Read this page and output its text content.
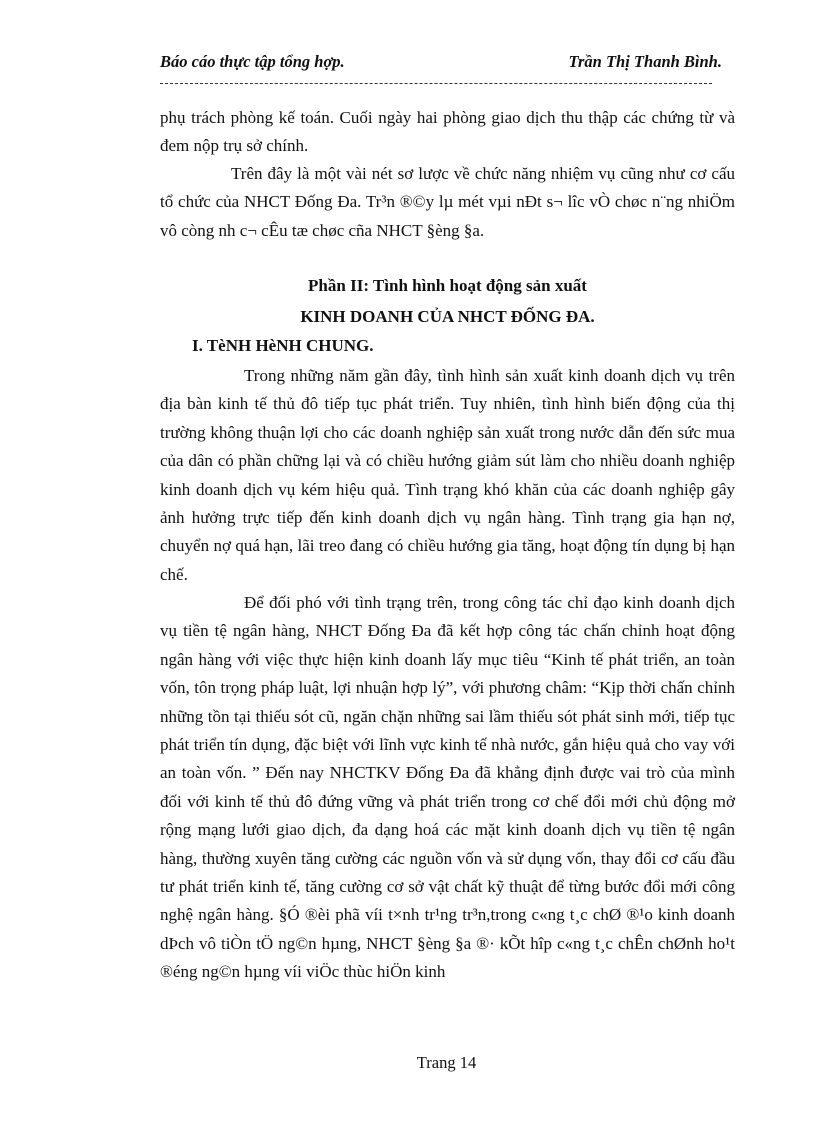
Báo cáo thực tập tổng hợp.	Trần Thị Thanh Bình.
phụ trách phòng kế toán. Cuối ngày hai phòng giao dịch thu thập các chứng từ và đem nộp trụ sở chính.
Trên đây là một vài nét sơ lược về chức năng nhiệm vụ cũng như cơ cấu tổ chức của NHCT Đống Đa. Tr³n ®©y lµ mét vµi nÐt s¬ lîc vÒ chøc n¨ng nhiÖm vô còng nh c¬ cÊu tæ chøc cña NHCT §èng §a.
Phần II: Tình hình hoạt động sản xuất
KINH DOANH CỦA NHCT ĐỐNG ĐA.
I. TèNH HèNH CHUNG.
Trong những năm gần đây, tình hình sản xuất kinh doanh dịch vụ trên địa bàn kinh tế thủ đô tiếp tục phát triển. Tuy nhiên, tình hình biến động của thị trường không thuận lợi cho các doanh nghiệp sản xuất trong nước dẫn đến sức mua của dân có phần chững lại và có chiều hướng giảm sút làm cho nhiều doanh nghiệp kinh doanh dịch vụ kém hiệu quả. Tình trạng khó khăn của các doanh nghiệp gây ảnh hưởng trực tiếp đến kinh doanh dịch vụ ngân hàng. Tình trạng gia hạn nợ, chuyển nợ quá hạn, lãi treo đang có chiều hướng gia tăng, hoạt động tín dụng bị hạn chế.
Để đối phó với tình trạng trên, trong công tác chỉ đạo kinh doanh dịch vụ tiền tệ ngân hàng, NHCT Đống Đa đã kết hợp công tác chấn chỉnh hoạt động ngân hàng với việc thực hiện kinh doanh lấy mục tiêu “Kinh tế phát triển, an toàn vốn, tôn trọng pháp luật, lợi nhuận hợp lý”, với phương châm: “Kịp thời chấn chỉnh những tồn tại thiếu sót cũ, ngăn chặn những sai lầm thiếu sót phát sinh mới, tiếp tục phát triển tín dụng, đặc biệt với lĩnh vực kinh tế nhà nước, gắn hiệu quả cho vay với an toàn vốn. ” Đến nay NHCTKV Đống Đa đã khẳng định được vai trò của mình đối với kinh tế thủ đô đứng vững và phát triển trong cơ chế đổi mới chủ động mở rộng mạng lưới giao dịch, đa dạng hoá các mặt kinh doanh dịch vụ tiền tệ ngân hàng, thường xuyên tăng cường các nguồn vốn và sử dụng vốn, thay đổi cơ cấu đầu tư phát triển kinh tế, tăng cường cơ sở vật chất kỹ thuật để từng bước đổi mới công nghệ ngân hàng. §Ó ®èi phã víi t×nh tr¹ng tr³n,trong c«ng t¸c chØ ®¹o kinh doanh dÞch vô tiÒn tÖ ng©n hµng, NHCT §èng §a ®· kÕt hîp c«ng t¸c chÊn chØnh ho¹t ®éng ng©n hµng víi viÖc thùc hiÖn kinh
Trang 14
